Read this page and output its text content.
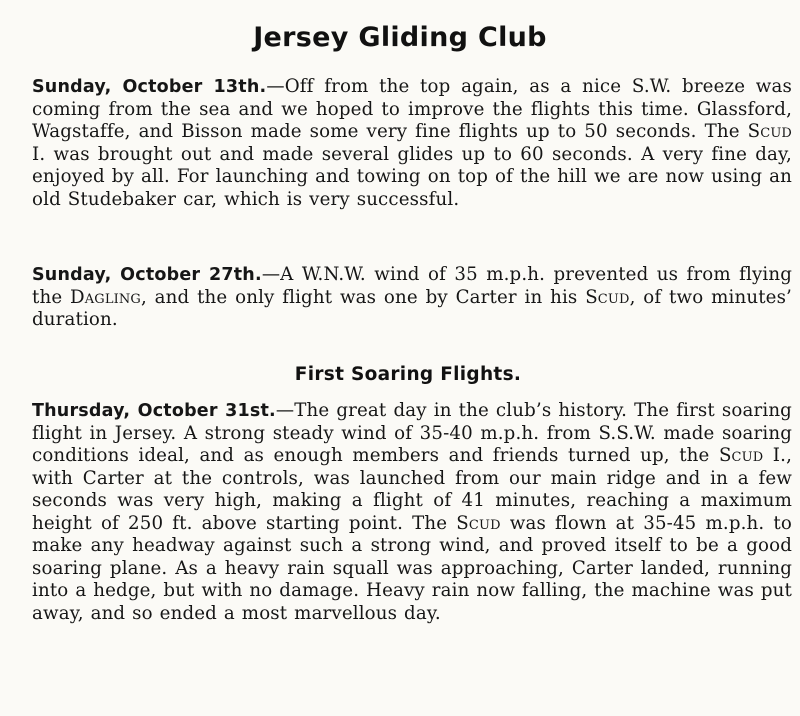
Jersey Gliding Club

Sunday, October 13th.—Off from the top again, as a nice S.W. breeze was coming from the sea and we hoped to improve the flights this time. Glassford, Wagstaffe, and Bisson made some very fine flights up to 50 seconds. The Scud I. was brought out and made several glides up to 60 seconds. A very fine day, enjoyed by all. For launching and towing on top of the hill we are now using an old Studebaker car, which is very successful.

Sunday, October 27th.—A W.N.W. wind of 35 m.p.h. prevented us from flying the Dagling, and the only flight was one by Carter in his Scud, of two minutes’ duration.

First Soaring Flights.

Thursday, October 31st.—The great day in the club’s history. The first soaring flight in Jersey. A strong steady wind of 35-40 m.p.h. from S.S.W. made soaring conditions ideal, and as enough members and friends turned up, the Scud I., with Carter at the controls, was launched from our main ridge and in a few seconds was very high, making a flight of 41 minutes, reaching a maximum height of 250 ft. above starting point. The Scud was flown at 35-45 m.p.h. to make any headway against such a strong wind, and proved itself to be a good soaring plane. As a heavy rain squall was approaching, Carter landed, running into a hedge, but with no damage. Heavy rain now falling, the machine was put away, and so ended a most marvellous day.
